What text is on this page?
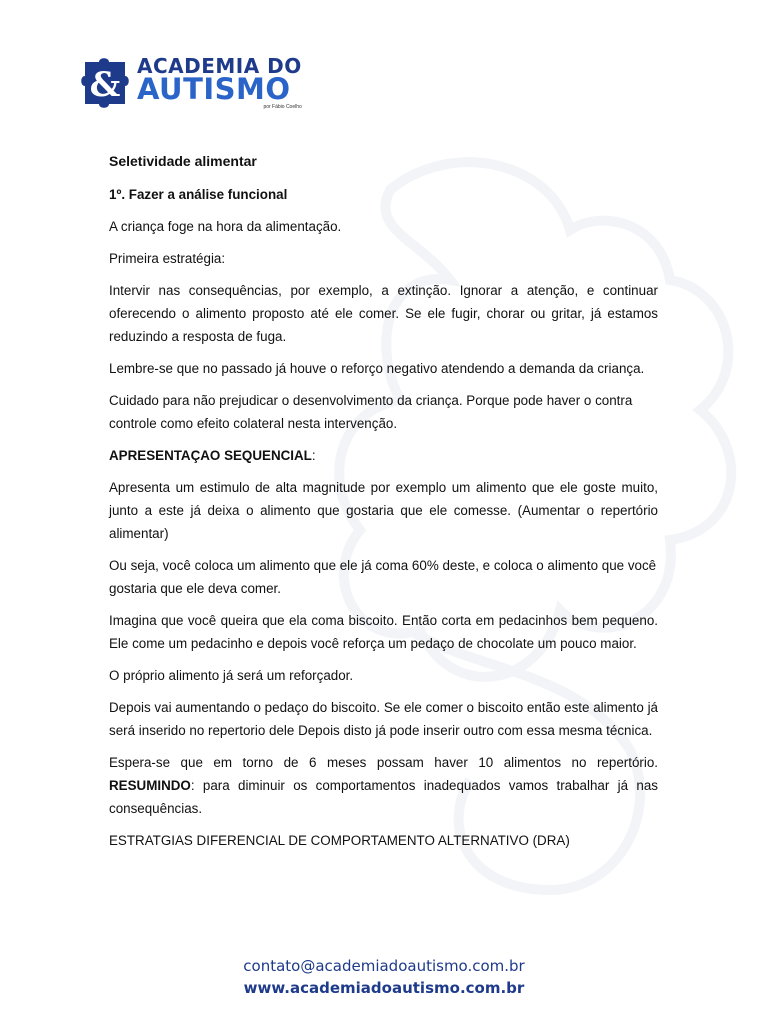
& ACADEMIA DO
AUTISMO
por Fábio Coelho

Seletividade alimentar

1º. Fazer a análise funcional

A criança foge na hora da alimentação.

Primeira estratégia:

Intervir nas consequências, por exemplo, a extinção. Ignorar a atenção, e continuar oferecendo o alimento proposto até ele comer. Se ele fugir, chorar ou gritar, já estamos reduzindo a resposta de fuga.

Lembre-se que no passado já houve o reforço negativo atendendo a demanda da criança.

Cuidado para não prejudicar o desenvolvimento da criança. Porque pode haver o contra controle como efeito colateral nesta intervenção.

APRESENTAÇAO SEQUENCIAL:

Apresenta um estimulo de alta magnitude por exemplo um alimento que ele goste muito, junto a este já deixa o alimento que gostaria que ele comesse. (Aumentar o repertório alimentar)

Ou seja, você coloca um alimento que ele já coma 60% deste, e coloca o alimento que você gostaria que ele deva comer.

Imagina que você queira que ela coma biscoito. Então corta em pedacinhos bem pequeno. Ele come um pedacinho e depois você reforça um pedaço de chocolate um pouco maior.

O próprio alimento já será um reforçador.

Depois vai aumentando o pedaço do biscoito. Se ele comer o biscoito então este alimento já será inserido no repertorio dele Depois disto já pode inserir outro com essa mesma técnica.

Espera-se que em torno de 6 meses possam haver 10 alimentos no repertório. RESUMINDO: para diminuir os comportamentos inadequados vamos trabalhar já nas consequências.

ESTRATGIAS DIFERENCIAL DE COMPORTAMENTO ALTERNATIVO (DRA)

contato@academiadoautismo.com.br
www.academiadoautismo.com.br
